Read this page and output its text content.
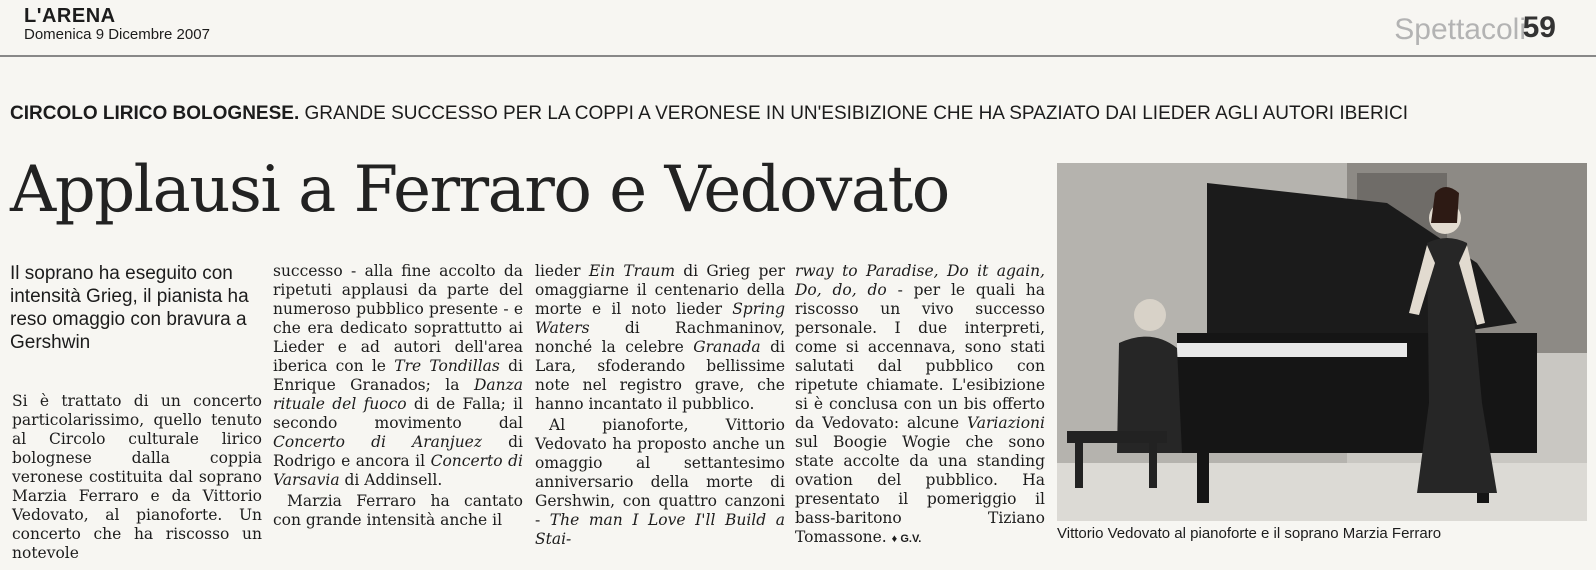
L'ARENA
Domenica 9 Dicembre 2007	Spettacoli
59
CIRCOLO LIRICO BOLOGNESE. GRANDE SUCCESSO PER LA COPPI A VERONESE IN UN'ESIBIZIONE CHE HA SPAZIATO DAI LIEDER AGLI AUTORI IBERICI
Applausi a Ferraro e Vedovato
Il soprano ha eseguito con intensità Grieg, il pianista ha reso omaggio con bravura a Gershwin

Si è trattato di un concerto particolarissimo, quello tenuto al Circolo culturale lirico bolognese dalla coppia veronese costituita dal soprano Marzia Ferraro e da Vittorio Vedovato, al pianoforte. Un concerto che ha riscosso un notevole

successo - alla fine accolto da ripetuti applausi da parte del numeroso pubblico presente - e che era dedicato soprattutto ai Lieder e ad autori dell'area iberica con le Tre Tondillas di Enrique Granados; la Danza rituale del fuoco di de Falla; il secondo movimento dal Concerto di Aranjuez di Rodrigo e ancora il Concerto di Varsavia di Addinsell.

Marzia Ferraro ha cantato con grande intensità anche il

lieder Ein Traum di Grieg per omaggiarne il centenario della morte e il noto lieder Spring Waters di Rachmaninov, nonché la celebre Granada di Lara, sfoderando bellissime note nel registro grave, che hanno incantato il pubblico.

Al pianoforte, Vittorio Vedovato ha proposto anche un omaggio al settantesimo anniversario della morte di Gershwin, con quattro canzoni - The man I Love I'll Build a Stai-

rway to Paradise, Do it again, Do, do, do - per le quali ha riscosso un vivo successo personale. I due interpreti, come si accennava, sono stati salutati dal pubblico con ripetute chiamate. L'esibizione si è conclusa con un bis offerto da Vedovato: alcune Variazioni sul Boogie Wogie che sono state accolte da una standing ovation del pubblico. Ha presentato il pomeriggio il bass-baritono Tiziano Tomassone. ♦ G.V.	Vittorio Vedovato al pianoforte e il soprano Marzia Ferraro
